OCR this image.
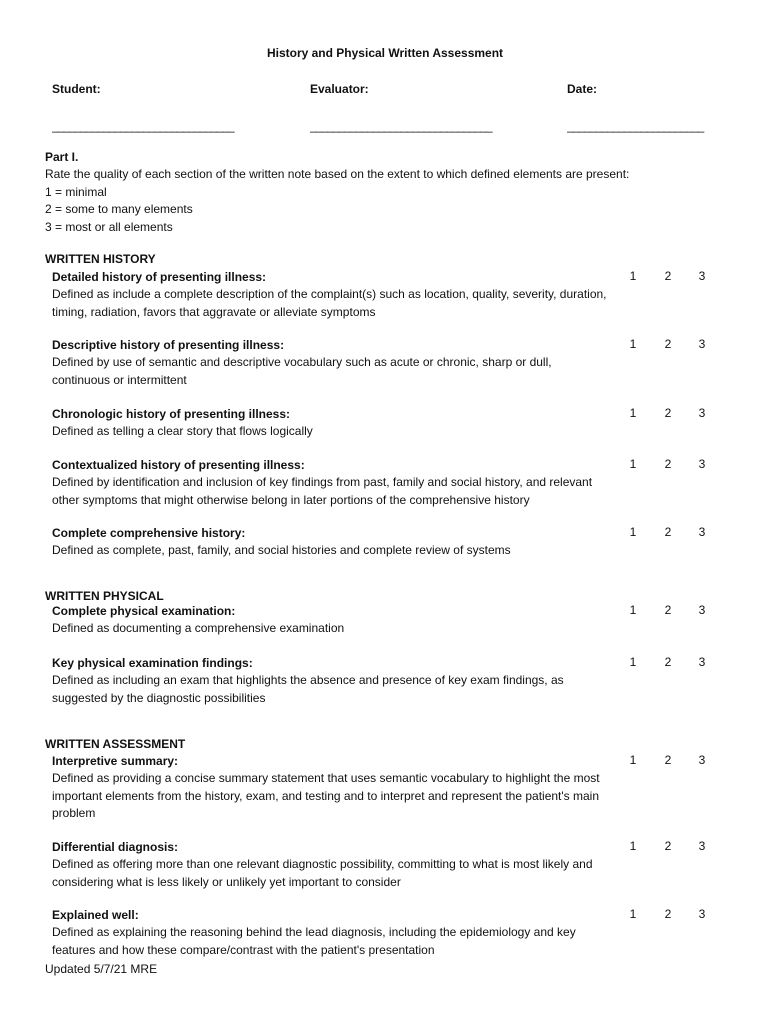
History and Physical Written Assessment
Student:	Evaluator:	Date:
________________________________	________________________________	________________________
Part I.
Rate the quality of each section of the written note based on the extent to which defined elements are present:
1 = minimal
2 = some to many elements
3 = most or all elements
WRITTEN HISTORY
Detailed history of presenting illness:
Defined as include a complete description of the complaint(s) such as location, quality, severity, duration, timing, radiation, favors that aggravate or alleviate symptoms
1	2	3
Descriptive history of presenting illness:
Defined by use of semantic and descriptive vocabulary such as acute or chronic, sharp or dull, continuous or intermittent
1	2	3
Chronologic history of presenting illness:
Defined as telling a clear story that flows logically
1	2	3
Contextualized history of presenting illness:
Defined by identification and inclusion of key findings from past, family and social history, and relevant other symptoms that might otherwise belong in later portions of the comprehensive history
1	2	3
Complete comprehensive history:
Defined as complete, past, family, and social histories and complete review of systems
1	2	3
WRITTEN PHYSICAL
Complete physical examination:
Defined as documenting a comprehensive examination
1	2	3
Key physical examination findings:
Defined as including an exam that highlights the absence and presence of key exam findings, as suggested by the diagnostic possibilities
1	2	3
WRITTEN ASSESSMENT
Interpretive summary:
Defined as providing a concise summary statement that uses semantic vocabulary to highlight the most important elements from the history, exam, and testing and to interpret and represent the patient's main problem
1	2	3
Differential diagnosis:
Defined as offering more than one relevant diagnostic possibility, committing to what is most likely and considering what is less likely or unlikely yet important to consider
1	2	3
Explained well:
Defined as explaining the reasoning behind the lead diagnosis, including the epidemiology and key features and how these compare/contrast with the patient's presentation
1	2	3
Updated 5/7/21 MRE
